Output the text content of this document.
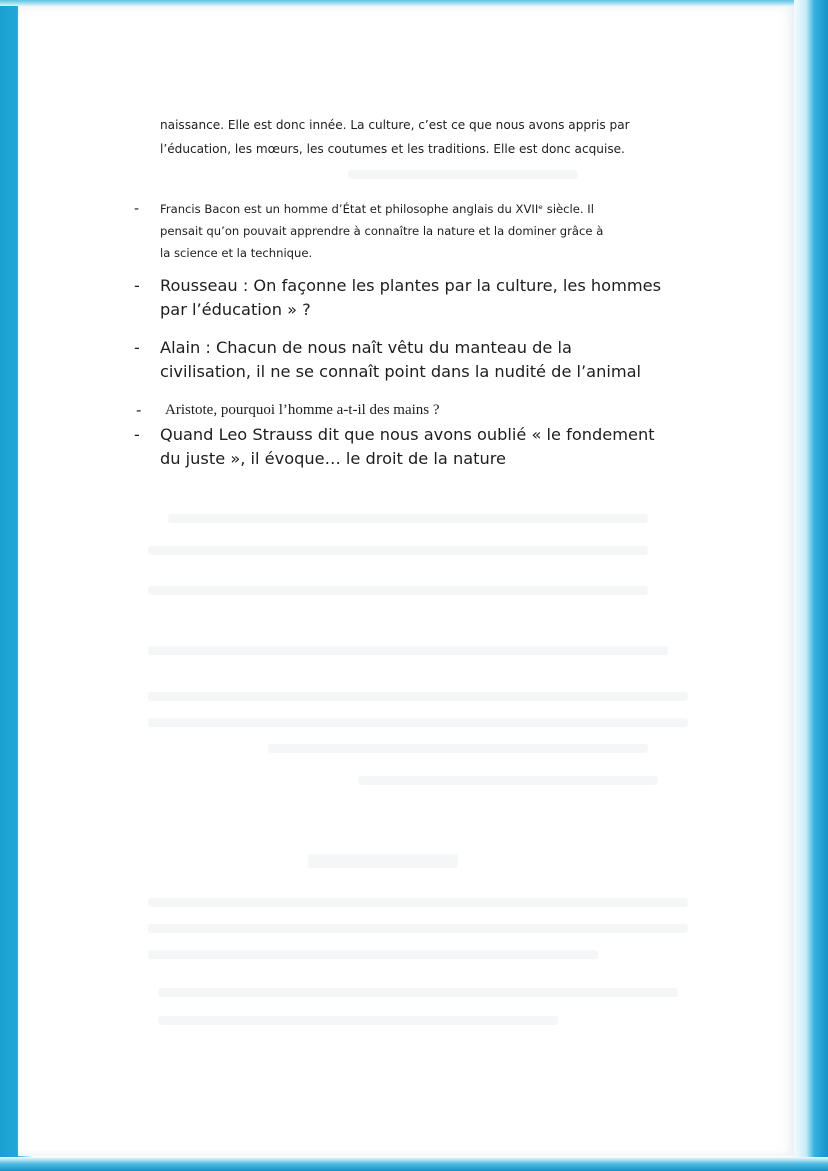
naissance. Elle est donc innée. La culture, c’est ce que nous avons appris par
l’éducation, les mœurs, les coutumes et les traditions. Elle est donc acquise.
-	Francis Bacon est un homme d’État et philosophe anglais du XVIIᵉ siècle. Il
pensait qu’on pouvait apprendre à connaître la nature et la dominer grâce à
la science et la technique.
-	Rousseau : On façonne les plantes par la culture, les hommes
par l’éducation » ?
-	Alain : Chacun de nous naît vêtu du manteau de la
civilisation, il ne se connaît point dans la nudité de l’animal
-	Aristote, pourquoi l’homme a-t-il des mains ?
-	Quand Leo Strauss dit que nous avons oublié « le fondement
du juste », il évoque… le droit de la nature
